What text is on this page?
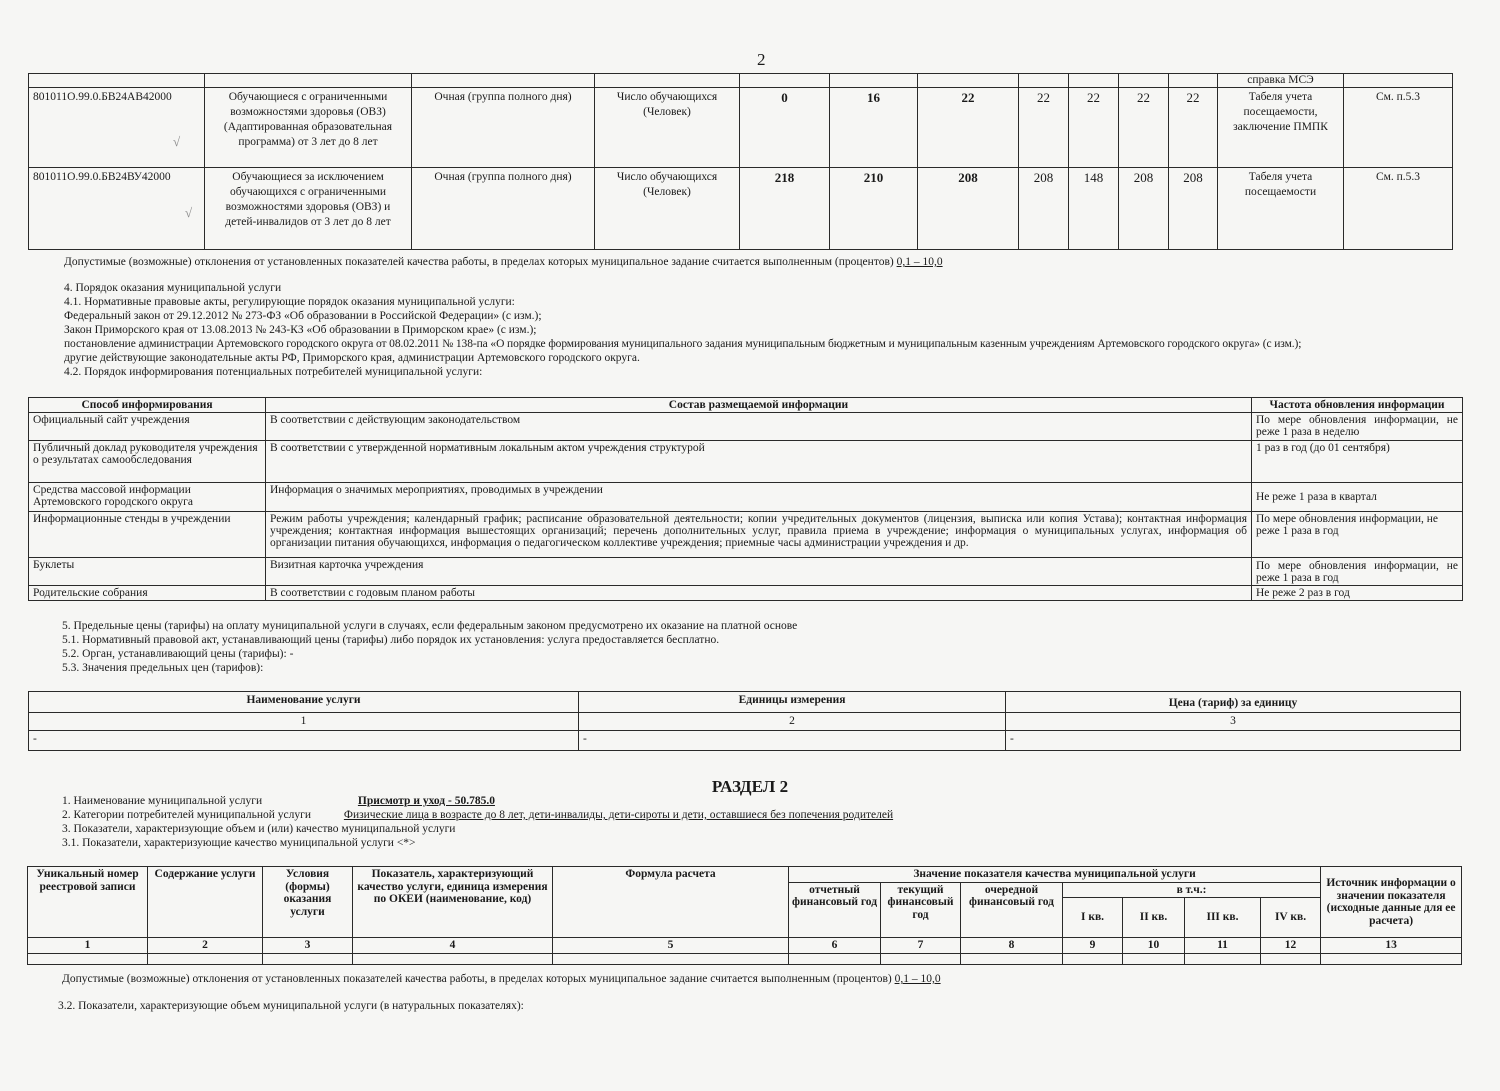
2
											справка МСЭ	
801011О.99.0.БВ24АВ42000	Обучающиеся с ограниченными возможностями здоровья (ОВЗ) (Адаптированная образовательная программа) от 3 лет до 8 лет	Очная (группа полного дня)	Число обучающихся (Человек)	0	16	22	22	22	22	22	Табеля учета посещаемости, заключение ПМПК	См. п.5.3
801011О.99.0.БВ24ВУ42000	Обучающиеся за исключением обучающихся с ограниченными возможностями здоровья (ОВЗ) и детей-инвалидов от 3 лет до 8 лет	Очная (группа полного дня)	Число обучающихся (Человек)	218	210	208	208	148	208	208	Табеля учета посещаемости	См. п.5.3
√
√
Допустимые (возможные) отклонения от установленных показателей качества работы, в пределах которых муниципальное задание считается выполненным (процентов) 0,1 – 10,0
4. Порядок оказания муниципальной услуги
4.1. Нормативные правовые акты, регулирующие порядок оказания муниципальной услуги:
Федеральный закон от 29.12.2012 № 273-ФЗ «Об образовании в Российской Федерации» (с изм.);
Закон Приморского края от 13.08.2013 № 243-КЗ «Об образовании в Приморском крае» (с изм.);
постановление администрации Артемовского городского округа от 08.02.2011 № 138-па «О порядке формирования муниципального задания муниципальным бюджетным и муниципальным казенным учреждениям Артемовского городского округа» (с изм.);
другие действующие законодательные акты РФ, Приморского края, администрации Артемовского городского округа.
4.2. Порядок информирования потенциальных потребителей муниципальной услуги:
Способ информирования	Состав размещаемой информации	Частота обновления информации
Официальный сайт учреждения	В соответствии с действующим законодательством	По мере обновления информации, не реже 1 раза в неделю
Публичный доклад руководителя учреждения о результатах самообследования	В соответствии с утвержденной нормативным локальным актом учреждения структурой	1 раз в год (до 01 сентября)
Средства массовой информации Артемовского городского округа	Информация о значимых мероприятиях, проводимых в учреждении	Не реже 1 раза в квартал
Информационные стенды в учреждении	Режим работы учреждения; календарный график; расписание образовательной деятельности; копии учредительных документов (лицензия, выписка или копия Устава); контактная информация учреждения; контактная информация вышестоящих организаций; перечень дополнительных услуг, правила приема в учреждение; информация о муниципальных услугах, информация об организации питания обучающихся, информация о педагогическом коллективе учреждения; приемные часы администрации учреждения и др.	По мере обновления информации, не реже 1 раза в год
Буклеты	Визитная карточка учреждения	По мере обновления информации, не реже 1 раза в год
Родительские собрания	В соответствии с годовым планом работы	Не реже 2 раз в год
5. Предельные цены (тарифы) на оплату муниципальной услуги в случаях, если федеральным законом предусмотрено их оказание на платной основе
5.1. Нормативный правовой акт, устанавливающий цены (тарифы) либо порядок их установления: услуга предоставляется бесплатно.
5.2. Орган, устанавливающий цены (тарифы): -
5.3. Значения предельных цен (тарифов):
Наименование услуги	Единицы измерения	Цена (тариф) за единицу
1	2	3
-	-	-
РАЗДЕЛ 2
1. Наименование муниципальной услуги	Присмотр и уход - 50.785.0
2. Категории потребителей муниципальной услуги	Физические лица в возрасте до 8 лет, дети-инвалиды, дети-сироты и дети, оставшиеся без попечения родителей
3. Показатели, характеризующие объем и (или) качество муниципальной услуги
3.1. Показатели, характеризующие качество муниципальной услуги <*>
Уникальный номер реестровой записи	Содержание услуги	Условия (формы) оказания услуги	Показатель, характеризующий качество услуги, единица измерения по ОКЕИ (наименование, код)	Формула расчета	Значение показателя качества муниципальной услуги							Источник информации о значении показателя (исходные данные для ее расчета)
					отчетный финансовый год	текущий финансовый год	очередной финансовый год	в т.ч.:				
								I кв.	II кв.	III кв.	IV кв.	
1	2	3	4	5	6	7	8	9	10	11	12	13

Допустимые (возможные) отклонения от установленных показателей качества работы, в пределах которых муниципальное задание считается выполненным (процентов) 0,1 – 10,0
3.2. Показатели, характеризующие объем муниципальной услуги (в натуральных показателях):
